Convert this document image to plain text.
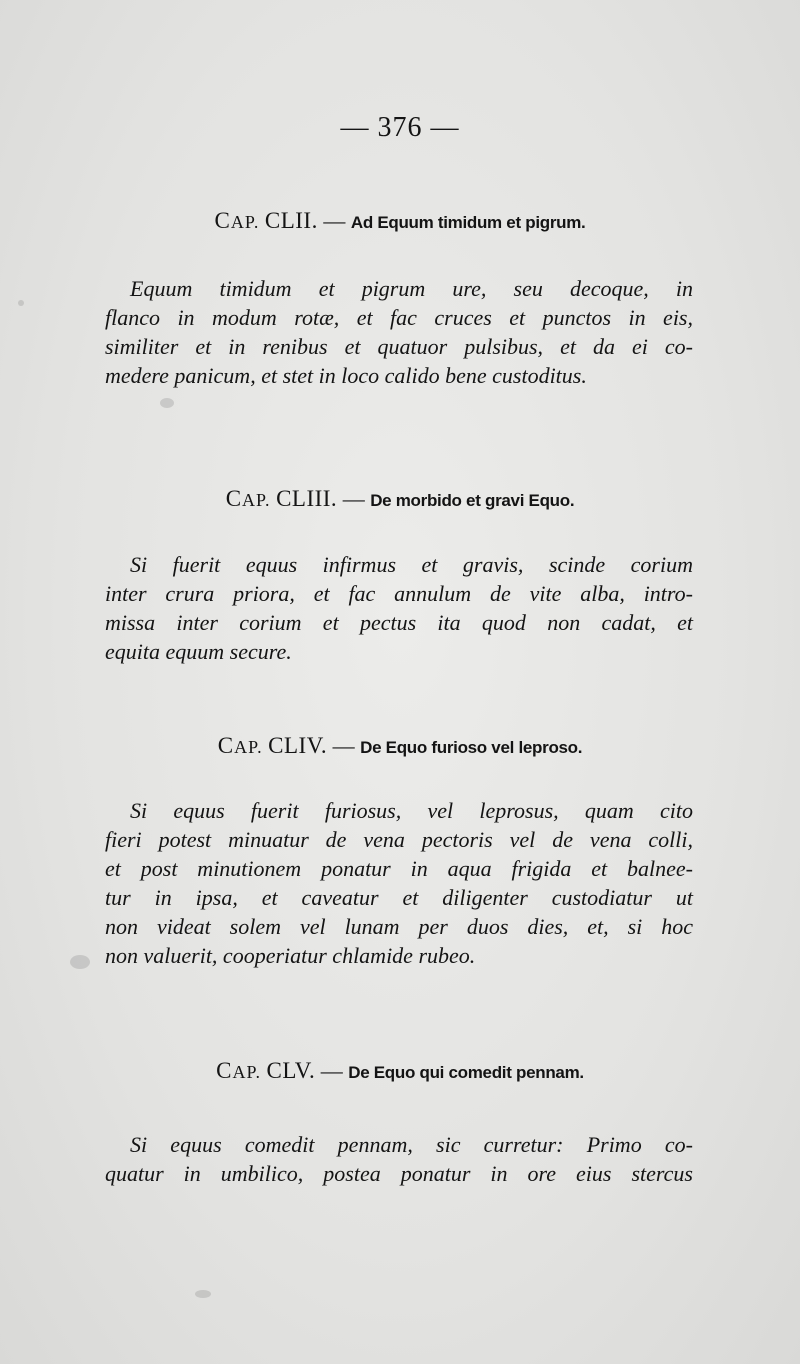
— 376 —
CAP. CLII. — Ad Equum timidum et pigrum.
Equum timidum et pigrum ure, seu decoque, in
flanco in modum rotæ, et fac cruces et punctos in eis,
similiter et in renibus et quatuor pulsibus, et da ei co-
medere panicum, et stet in loco calido bene custoditus.
CAP. CLIII. — De morbido et gravi Equo.
Si fuerit equus infirmus et gravis, scinde corium
inter crura priora, et fac annulum de vite alba, intro-
missa inter corium et pectus ita quod non cadat, et
equita equum secure.
CAP. CLIV. — De Equo furioso vel leproso.
Si equus fuerit furiosus, vel leprosus, quam cito
fieri potest minuatur de vena pectoris vel de vena colli,
et post minutionem ponatur in aqua frigida et balnee-
tur in ipsa, et caveatur et diligenter custodiatur ut
non videat solem vel lunam per duos dies, et, si hoc
non valuerit, cooperiatur chlamide rubeo.
CAP. CLV. — De Equo qui comedit pennam.
Si equus comedit pennam, sic curretur: Primo co-
quatur in umbilico, postea ponatur in ore eius stercus
